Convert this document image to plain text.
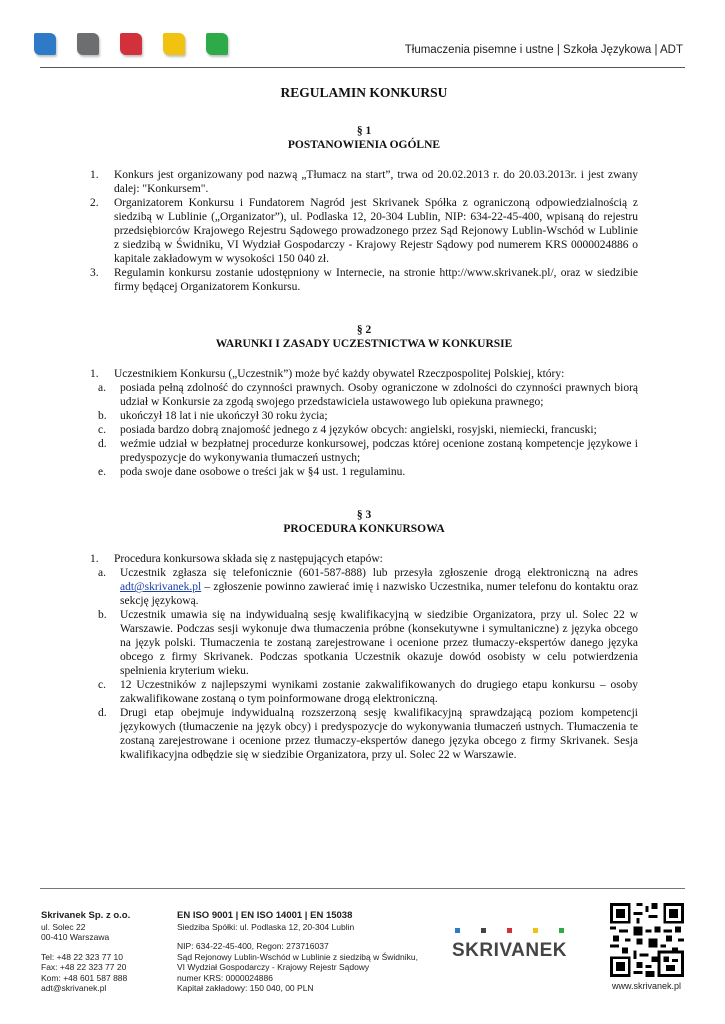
Tłumaczenia pisemne i ustne | Szkoła Językowa | ADT
REGULAMIN KONKURSU
§ 1
POSTANOWIENIA OGÓLNE
1. Konkurs jest organizowany pod nazwą „Tłumacz na start”, trwa od 20.02.2013 r. do 20.03.2013r. i jest zwany dalej: "Konkursem".
2. Organizatorem Konkursu i Fundatorem Nagród jest Skrivanek Spółka z ograniczoną odpowiedzialnością z siedzibą w Lublinie („Organizator”), ul. Podlaska 12, 20-304 Lublin, NIP: 634-22-45-400, wpisaną do rejestru przedsiębiorców Krajowego Rejestru Sądowego prowadzonego przez Sąd Rejonowy Lublin-Wschód w Lublinie z siedzibą w Świdniku, VI Wydział Gospodarczy - Krajowy Rejestr Sądowy pod numerem KRS 0000024886 o kapitale zakładowym w wysokości 150 040 zł.
3. Regulamin konkursu zostanie udostępniony w Internecie, na stronie http://www.skrivanek.pl/, oraz w siedzibie firmy będącej Organizatorem Konkursu.
§ 2
WARUNKI I ZASADY UCZESTNICTWA W KONKURSIE
1. Uczestnikiem Konkursu („Uczestnik”) może być każdy obywatel Rzeczpospolitej Polskiej, który:
a. posiada pełną zdolność do czynności prawnych. Osoby ograniczone w zdolności do czynności prawnych biorą udział w Konkursie za zgodą swojego przedstawiciela ustawowego lub opiekuna prawnego;
b. ukończył 18 lat i nie ukończył 30 roku życia;
c. posiada bardzo dobrą znajomość jednego z 4 języków obcych: angielski, rosyjski, niemiecki, francuski;
d. weźmie udział w bezpłatnej procedurze konkursowej, podczas której ocenione zostaną kompetencje językowe i predyspozycje do wykonywania tłumaczeń ustnych;
e. poda swoje dane osobowe o treści jak w §4 ust. 1 regulaminu.
§ 3
PROCEDURA KONKURSOWA
1. Procedura konkursowa składa się z następujących etapów:
a. Uczestnik zgłasza się telefonicznie (601-587-888) lub przesyła zgłoszenie drogą elektroniczną na adres adt@skrivanek.pl – zgłoszenie powinno zawierać imię i nazwisko Uczestnika, numer telefonu do kontaktu oraz sekcję językową.
b. Uczestnik umawia się na indywidualną sesję kwalifikacyjną w siedzibie Organizatora, przy ul. Solec 22 w Warszawie. Podczas sesji wykonuje dwa tłumaczenia próbne (konsekutywne i symultaniczne) z języka obcego na język polski. Tłumaczenia te zostaną zarejestrowane i ocenione przez tłumaczy-ekspertów danego języka obcego z firmy Skrivanek. Podczas spotkania Uczestnik okazuje dowód osobisty w celu potwierdzenia spełnienia kryterium wieku.
c. 12 Uczestników z najlepszymi wynikami zostanie zakwalifikowanych do drugiego etapu konkursu – osoby zakwalifikowane zostaną o tym poinformowane drogą elektroniczną.
d. Drugi etap obejmuje indywidualną rozszerzoną sesję kwalifikacyjną sprawdzającą poziom kompetencji językowych (tłumaczenie na język obcy) i predyspozycje do wykonywania tłumaczeń ustnych. Tłumaczenia te zostaną zarejestrowane i ocenione przez tłumaczy-ekspertów danego języka obcego z firmy Skrivanek. Sesja kwalifikacyjna odbędzie się w siedzibie Organizatora, przy ul. Solec 22 w Warszawie.
Skrivanek Sp. z o.o.
ul. Solec 22
00-410 Warszawa
Tel: +48 22 323 77 10
Fax: +48 22 323 77 20
Kom: +48 601 587 888
adt@skrivanek.pl
EN ISO 9001 | EN ISO 14001 | EN 15038
Siedziba Spółki: ul. Podlaska 12, 20-304 Lublin
NIP: 634-22-45-400, Regon: 273716037
Sąd Rejonowy Lublin-Wschód w Lublinie z siedzibą w Świdniku,
VI Wydział Gospodarczy - Krajowy Rejestr Sądowy
numer KRS: 0000024886
Kapitał zakładowy: 150 040, 00 PLN
SKRIVANEK
www.skrivanek.pl
